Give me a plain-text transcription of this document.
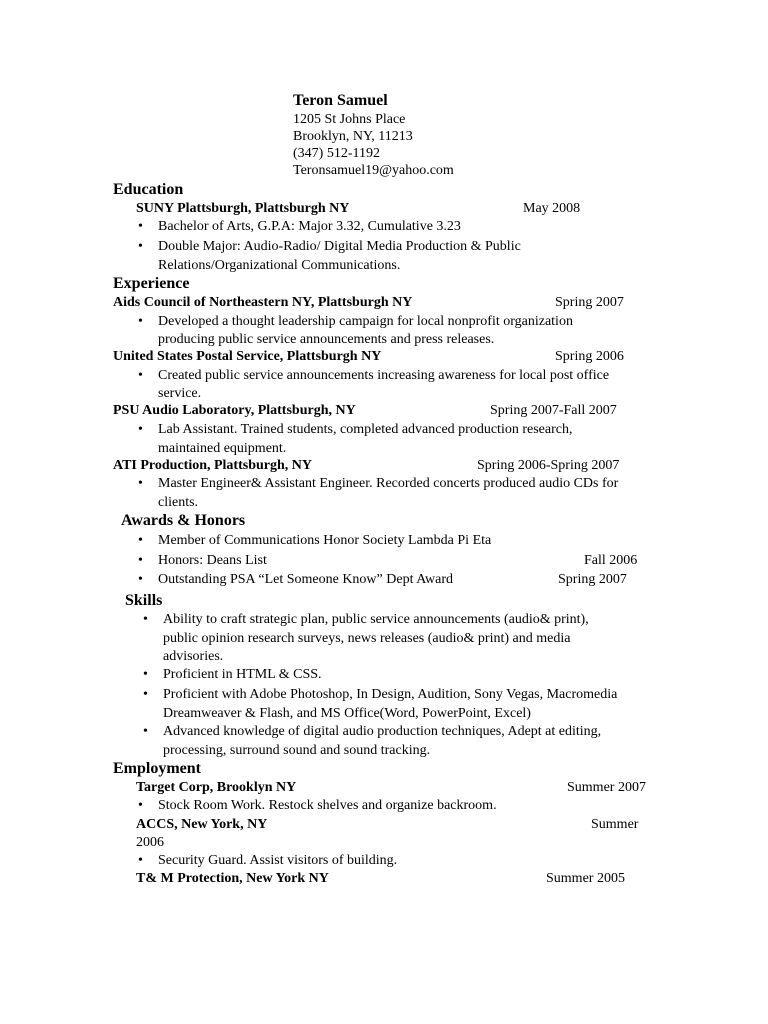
Teron Samuel
1205 St Johns Place
Brooklyn, NY, 11213
(347) 512-1192
Teronsamuel19@yahoo.com
Education
SUNY Plattsburgh, Plattsburgh NY	May 2008
• Bachelor of Arts, G.P.A: Major 3.32, Cumulative 3.23
• Double Major: Audio-Radio/ Digital Media Production & Public
Relations/Organizational Communications.
Experience
Aids Council of Northeastern NY, Plattsburgh NY	Spring 2007
• Developed a thought leadership campaign for local nonprofit organization
producing public service announcements and press releases.
United States Postal Service, Plattsburgh NY	Spring 2006
• Created public service announcements increasing awareness for local post office
service.
PSU Audio Laboratory, Plattsburgh, NY	Spring 2007-Fall 2007
• Lab Assistant. Trained students, completed advanced production research,
maintained equipment.
ATI Production, Plattsburgh, NY	Spring 2006-Spring 2007
• Master Engineer& Assistant Engineer. Recorded concerts produced audio CDs for
clients.
Awards & Honors
• Member of Communications Honor Society Lambda Pi Eta
• Honors: Deans List	Fall 2006
• Outstanding PSA “Let Someone Know” Dept Award	Spring 2007
Skills
• Ability to craft strategic plan, public service announcements (audio& print),
public opinion research surveys, news releases (audio& print) and media
advisories.
• Proficient in HTML & CSS.
• Proficient with Adobe Photoshop, In Design, Audition, Sony Vegas, Macromedia
Dreamweaver & Flash, and MS Office(Word, PowerPoint, Excel)
• Advanced knowledge of digital audio production techniques, Adept at editing,
processing, surround sound and sound tracking.
Employment
Target Corp, Brooklyn NY	Summer 2007
• Stock Room Work. Restock shelves and organize backroom.
ACCS, New York, NY	Summer
2006
• Security Guard. Assist visitors of building.
T& M Protection, New York NY	Summer 2005
